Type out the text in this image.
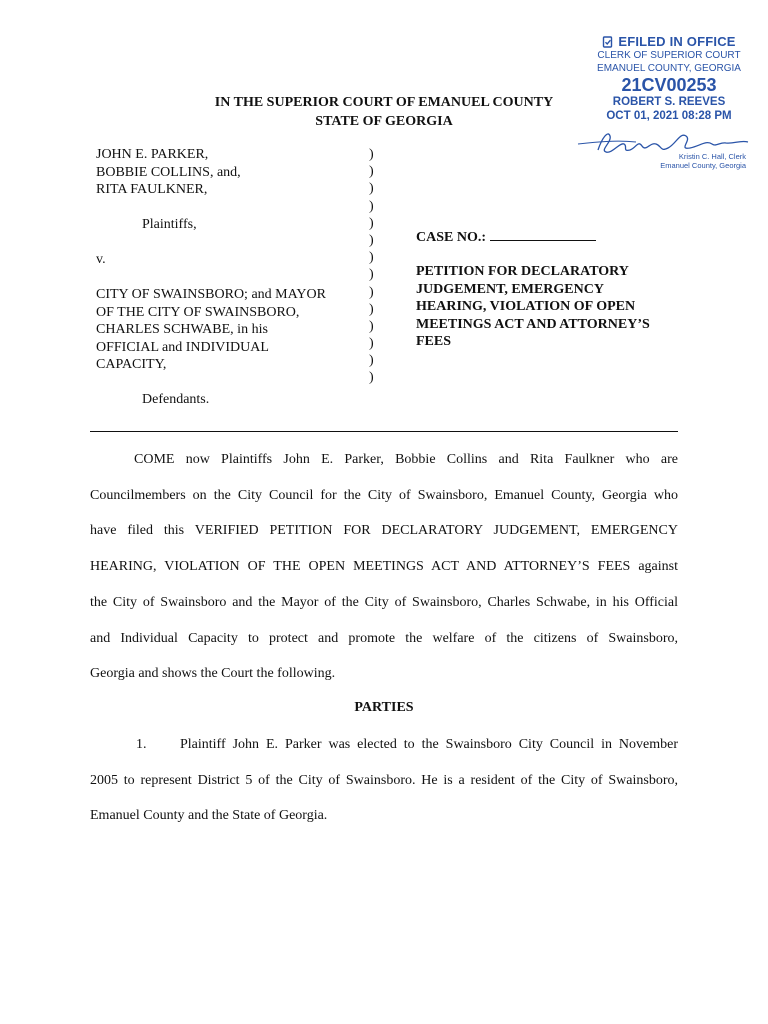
EFILED IN OFFICE
CLERK OF SUPERIOR COURT
EMANUEL COUNTY, GEORGIA
21CV00253
ROBERT S. REEVES
OCT 01, 2021 08:28 PM
Kristin C. Hall, Clerk
Emanuel County, Georgia
IN THE SUPERIOR COURT OF EMANUEL COUNTY
STATE OF GEORGIA
JOHN E. PARKER,
BOBBIE COLLINS, and,
RITA FAULKNER,
Plaintiffs,
v.
CITY OF SWAINSBORO; and MAYOR
OF THE CITY OF SWAINSBORO,
CHARLES SCHWABE, in his
OFFICIAL and INDIVIDUAL
CAPACITY,
Defendants.
)
)
)
)
)
)
)
)
)
)
)
)
)
)
CASE NO.:
PETITION FOR DECLARATORY
JUDGEMENT, EMERGENCY
HEARING, VIOLATION OF OPEN
MEETINGS ACT AND ATTORNEY’S
FEES
COME now Plaintiffs John E. Parker, Bobbie Collins and Rita Faulkner who are
Councilmembers on the City Council for the City of Swainsboro, Emanuel County, Georgia who
have filed this VERIFIED PETITION FOR DECLARATORY JUDGEMENT, EMERGENCY
HEARING, VIOLATION OF THE OPEN MEETINGS ACT AND ATTORNEY’S FEES against
the City of Swainsboro and the Mayor of the City of Swainsboro, Charles Schwabe, in his Official
and Individual Capacity to protect and promote the welfare of the citizens of Swainsboro,
Georgia and shows the Court the following.
PARTIES
1. Plaintiff John E. Parker was elected to the Swainsboro City Council in November
2005 to represent District 5 of the City of Swainsboro. He is a resident of the City of Swainsboro,
Emanuel County and the State of Georgia.
